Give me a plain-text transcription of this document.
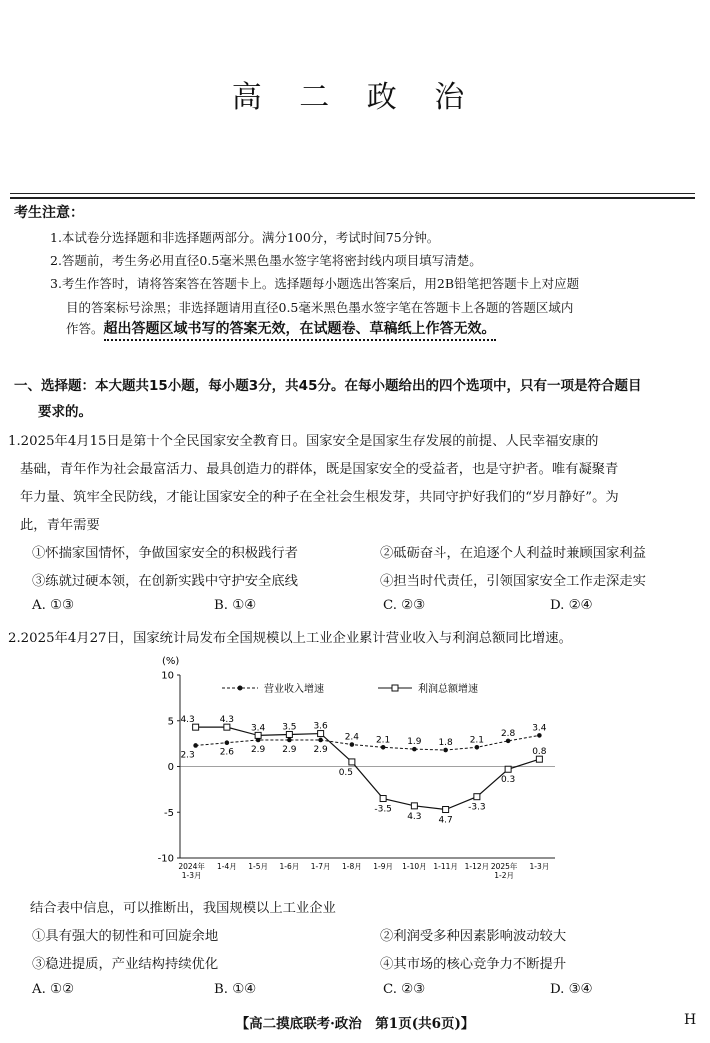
高 二 政 治
考生注意：
1.本试卷分选择题和非选择题两部分。满分100分，考试时间75分钟。
2.答题前，考生务必用直径0.5毫米黑色墨水签字笔将密封线内项目填写清楚。
3.考生作答时，请将答案答在答题卡上。选择题每小题选出答案后，用2B铅笔把答题卡上对应题
目的答案标号涂黑；非选择题请用直径0.5毫米黑色墨水签字笔在答题卡上各题的答题区域内
作答。超出答题区域书写的答案无效，在试题卷、草稿纸上作答无效。
一、选择题：本大题共15小题，每小题3分，共45分。在每小题给出的四个选项中，只有一项是符合题目
要求的。
1.2025年4月15日是第十个全民国家安全教育日。国家安全是国家生存发展的前提、人民幸福安康的
基础，青年作为社会最富活力、最具创造力的群体，既是国家安全的受益者，也是守护者。唯有凝聚青
年力量、筑牢全民防线，才能让国家安全的种子在全社会生根发芽，共同守护好我们的“岁月静好”。为
此，青年需要
①怀揣家国情怀，争做国家安全的积极践行者	②砥砺奋斗，在追逐个人利益时兼顾国家利益
③练就过硬本领，在创新实践中守护安全底线	④担当时代责任，引领国家安全工作走深走实
A. ①③	B. ①④	C. ②③	D. ②④
2.2025年4月27日，国家统计局发布全国规模以上工业企业累计营业收入与利润总额同比增速。
(%)
10
5
0
-5
-10
2024年
1-3月
1-4月 1-5月 1-6月 1-7月 1-8月 1-9月 1-10月 1-11月 1-12月 2025年
1-2月
1-3月
营业收入增速	利润总额增速
2.3	2.6 2.9 2.9 2.9
2.4 2.1 1.9 1.8 2.1
2.8
3.4
4.3	4.3
3.4 3.5 3.6
0.5
-3.5
4.3 4.7
-3.3
0.3
0.8
结合表中信息，可以推断出，我国规模以上工业企业
①具有强大的韧性和可回旋余地	②利润受多种因素影响波动较大
③稳进提质，产业结构持续优化	④其市场的核心竞争力不断提升
A. ①②	B. ①④	C. ②③	D. ③④
【高二摸底联考·政治　第1页(共6页)】	H
